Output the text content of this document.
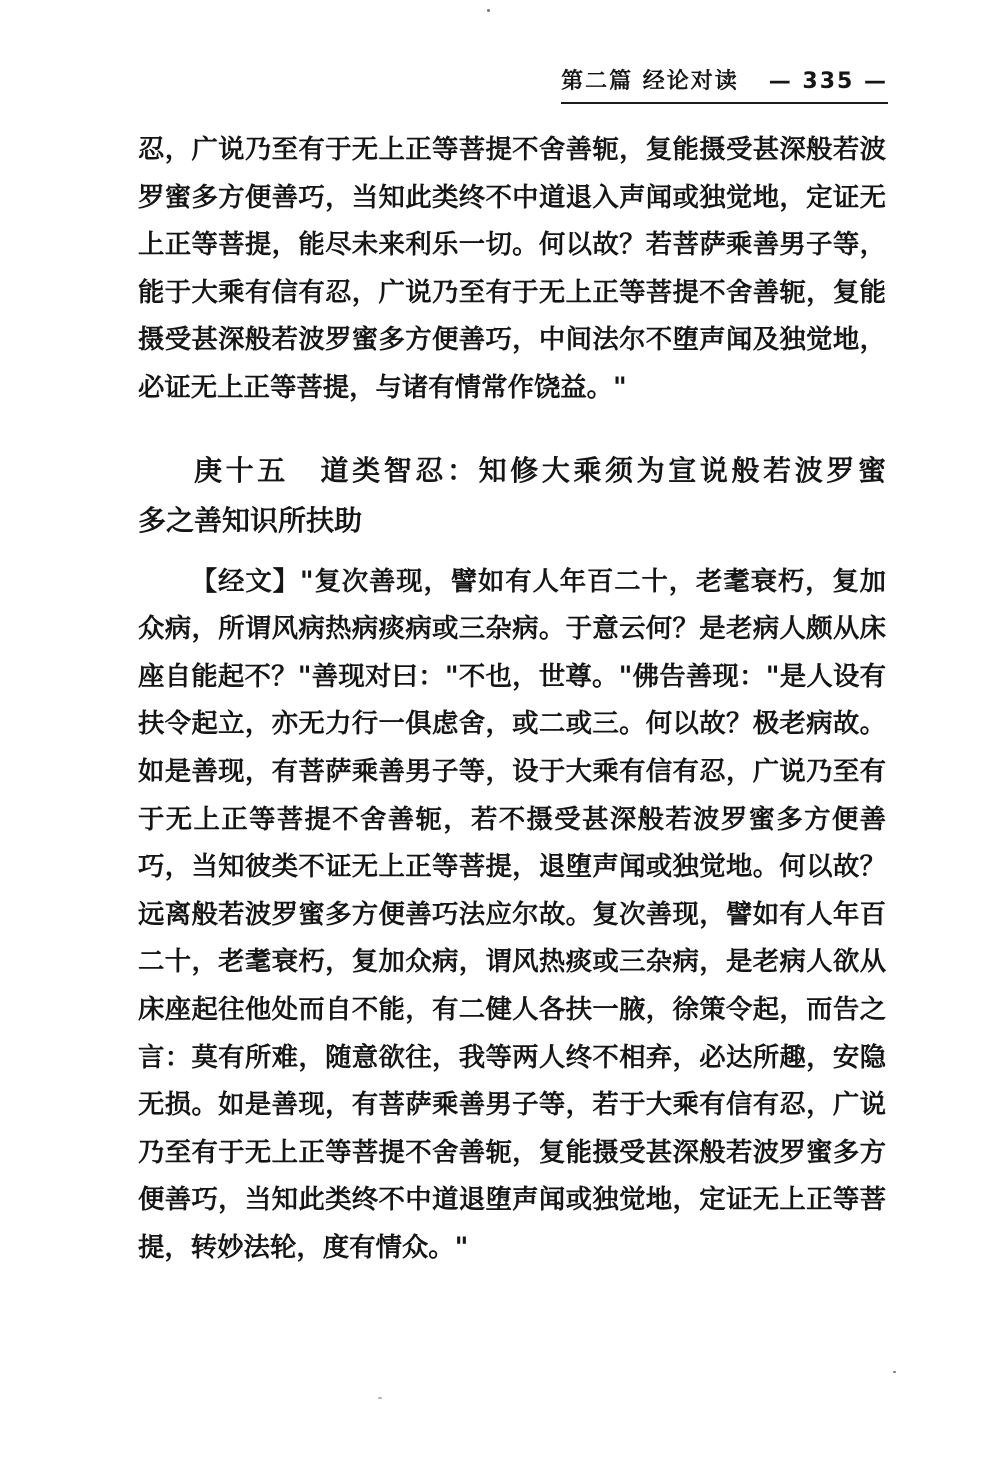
第二篇 经论对读 — 335 —
忍，广说乃至有于无上正等菩提不舍善轭，复能摄受甚深般若波
罗蜜多方便善巧，当知此类终不中道退入声闻或独觉地，定证无
上正等菩提，能尽未来利乐一切。何以故？若菩萨乘善男子等，
能于大乘有信有忍，广说乃至有于无上正等菩提不舍善轭，复能
摄受甚深般若波罗蜜多方便善巧，中间法尔不堕声闻及独觉地，
必证无上正等菩提，与诸有情常作饶益。"
庚十五　道类智忍：知修大乘须为宣说般若波罗蜜
多之善知识所扶助
【经文】"复次善现，譬如有人年百二十，老耄衰朽，复加
众病，所谓风病热病痰病或三杂病。于意云何？是老病人颇从床
座自能起不？"善现对曰："不也，世尊。"佛告善现："是人设有
扶令起立，亦无力行一俱虑舍，或二或三。何以故？极老病故。
如是善现，有菩萨乘善男子等，设于大乘有信有忍，广说乃至有
于无上正等菩提不舍善轭，若不摄受甚深般若波罗蜜多方便善
巧，当知彼类不证无上正等菩提，退堕声闻或独觉地。何以故？
远离般若波罗蜜多方便善巧法应尔故。复次善现，譬如有人年百
二十，老耄衰朽，复加众病，谓风热痰或三杂病，是老病人欲从
床座起往他处而自不能，有二健人各扶一腋，徐策令起，而告之
言：莫有所难，随意欲往，我等两人终不相弃，必达所趣，安隐
无损。如是善现，有菩萨乘善男子等，若于大乘有信有忍，广说
乃至有于无上正等菩提不舍善轭，复能摄受甚深般若波罗蜜多方
便善巧，当知此类终不中道退堕声闻或独觉地，定证无上正等菩
提，转妙法轮，度有情众。"
